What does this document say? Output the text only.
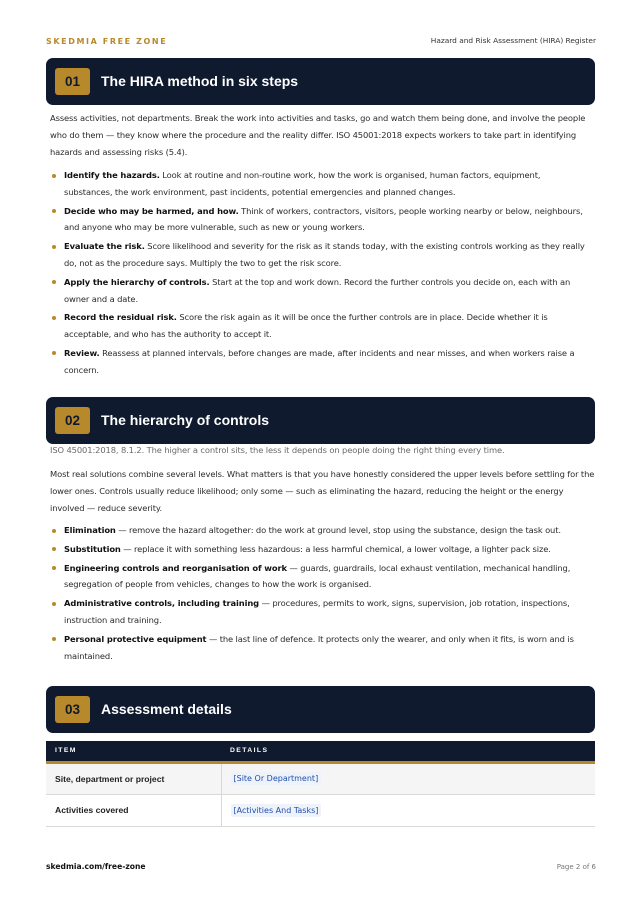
SKEDMIA FREE ZONE	Hazard and Risk Assessment (HIRA) Register
01	The HIRA method in six steps

Assess activities, not departments. Break the work into activities and tasks, go and watch them being done, and involve the people who do them — they know where the procedure and the reality differ. ISO 45001:2018 expects workers to take part in identifying hazards and assessing risks (5.4).

Identify the hazards. Look at routine and non-routine work, how the work is organised, human factors, equipment, substances, the work environment, past incidents, potential emergencies and planned changes.
Decide who may be harmed, and how. Think of workers, contractors, visitors, people working nearby or below, neighbours, and anyone who may be more vulnerable, such as new or young workers.
Evaluate the risk. Score likelihood and severity for the risk as it stands today, with the existing controls working as they really do, not as the procedure says. Multiply the two to get the risk score.
Apply the hierarchy of controls. Start at the top and work down. Record the further controls you decide on, each with an owner and a date.
Record the residual risk. Score the risk again as it will be once the further controls are in place. Decide whether it is acceptable, and who has the authority to accept it.
Review. Reassess at planned intervals, before changes are made, after incidents and near misses, and when workers raise a concern.
02	The hierarchy of controls

ISO 45001:2018, 8.1.2. The higher a control sits, the less it depends on people doing the right thing every time.

Most real solutions combine several levels. What matters is that you have honestly considered the upper levels before settling for the lower ones. Controls usually reduce likelihood; only some — such as eliminating the hazard, reducing the height or the energy involved — reduce severity.

Elimination — remove the hazard altogether: do the work at ground level, stop using the substance, design the task out.
Substitution — replace it with something less hazardous: a less harmful chemical, a lower voltage, a lighter pack size.
Engineering controls and reorganisation of work — guards, guardrails, local exhaust ventilation, mechanical handling, segregation of people from vehicles, changes to how the work is organised.
Administrative controls, including training — procedures, permits to work, signs, supervision, job rotation, inspections, instruction and training.
Personal protective equipment — the last line of defence. It protects only the wearer, and only when it fits, is worn and is maintained.
03	Assessment details
ITEM	DETAILS
Site, department or project	[Site Or Department]
Activities covered	[Activities And Tasks]
skedmia.com/free-zone	Page 2 of 6
